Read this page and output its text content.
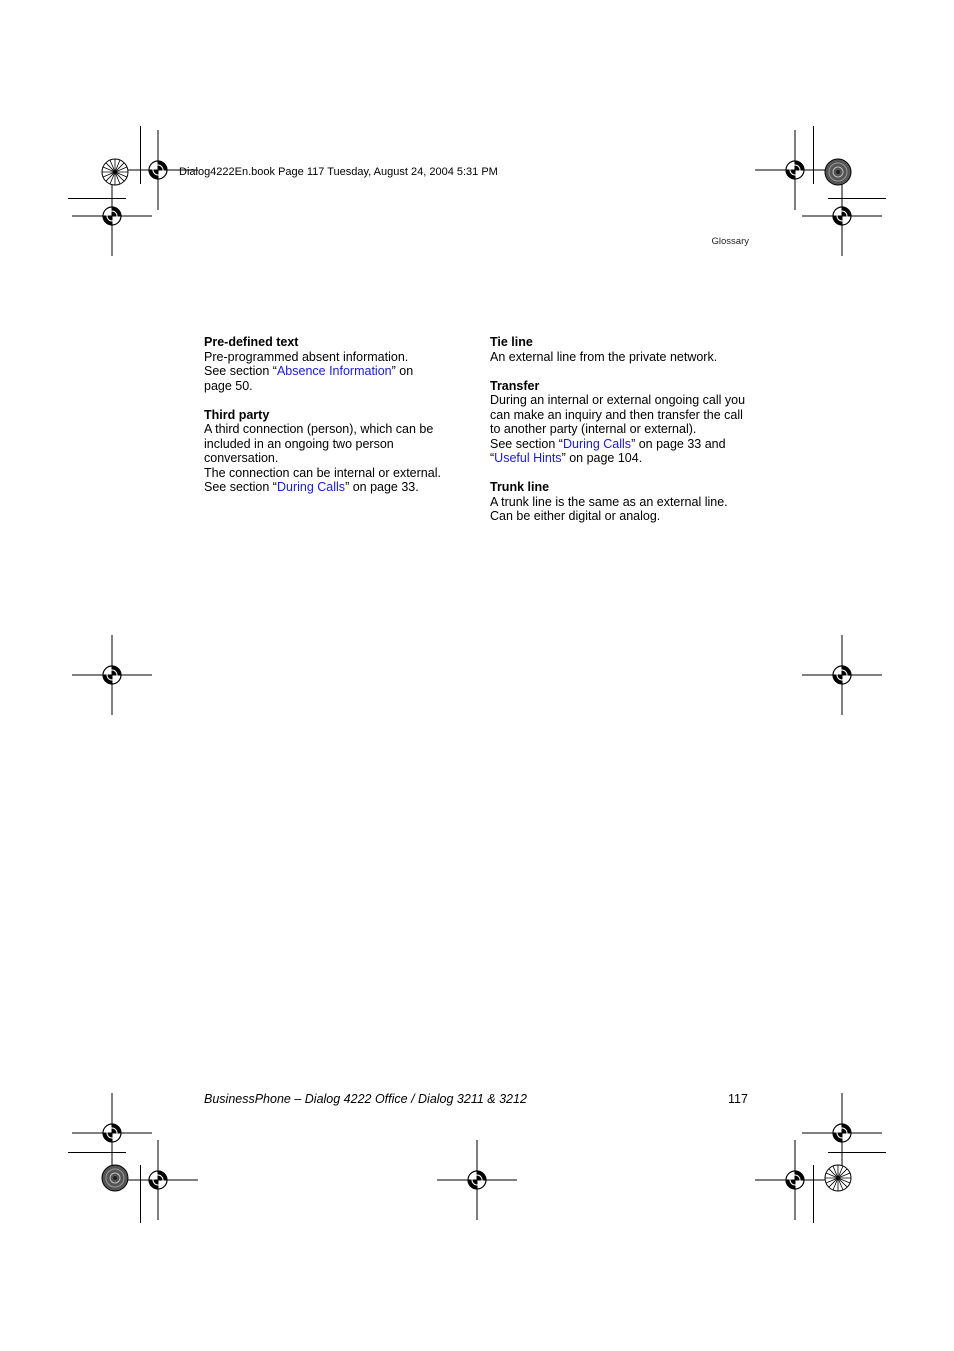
Dialog4222En.book Page 117 Tuesday, August 24, 2004 5:31 PM
Glossary
Pre-defined text
Pre-programmed absent information.
See section “Absence Information” on
page 50.
Third party
A third connection (person), which can be
included in an ongoing two person
conversation.
The connection can be internal or external.
See section “During Calls” on page 33.
Tie line
An external line from the private network.
Transfer
During an internal or external ongoing call you
can make an inquiry and then transfer the call
to another party (internal or external).
See section “During Calls” on page 33 and
“Useful Hints” on page 104.
Trunk line
A trunk line is the same as an external line.
Can be either digital or analog.
BusinessPhone – Dialog 4222 Office / Dialog 3211 & 3212	117
